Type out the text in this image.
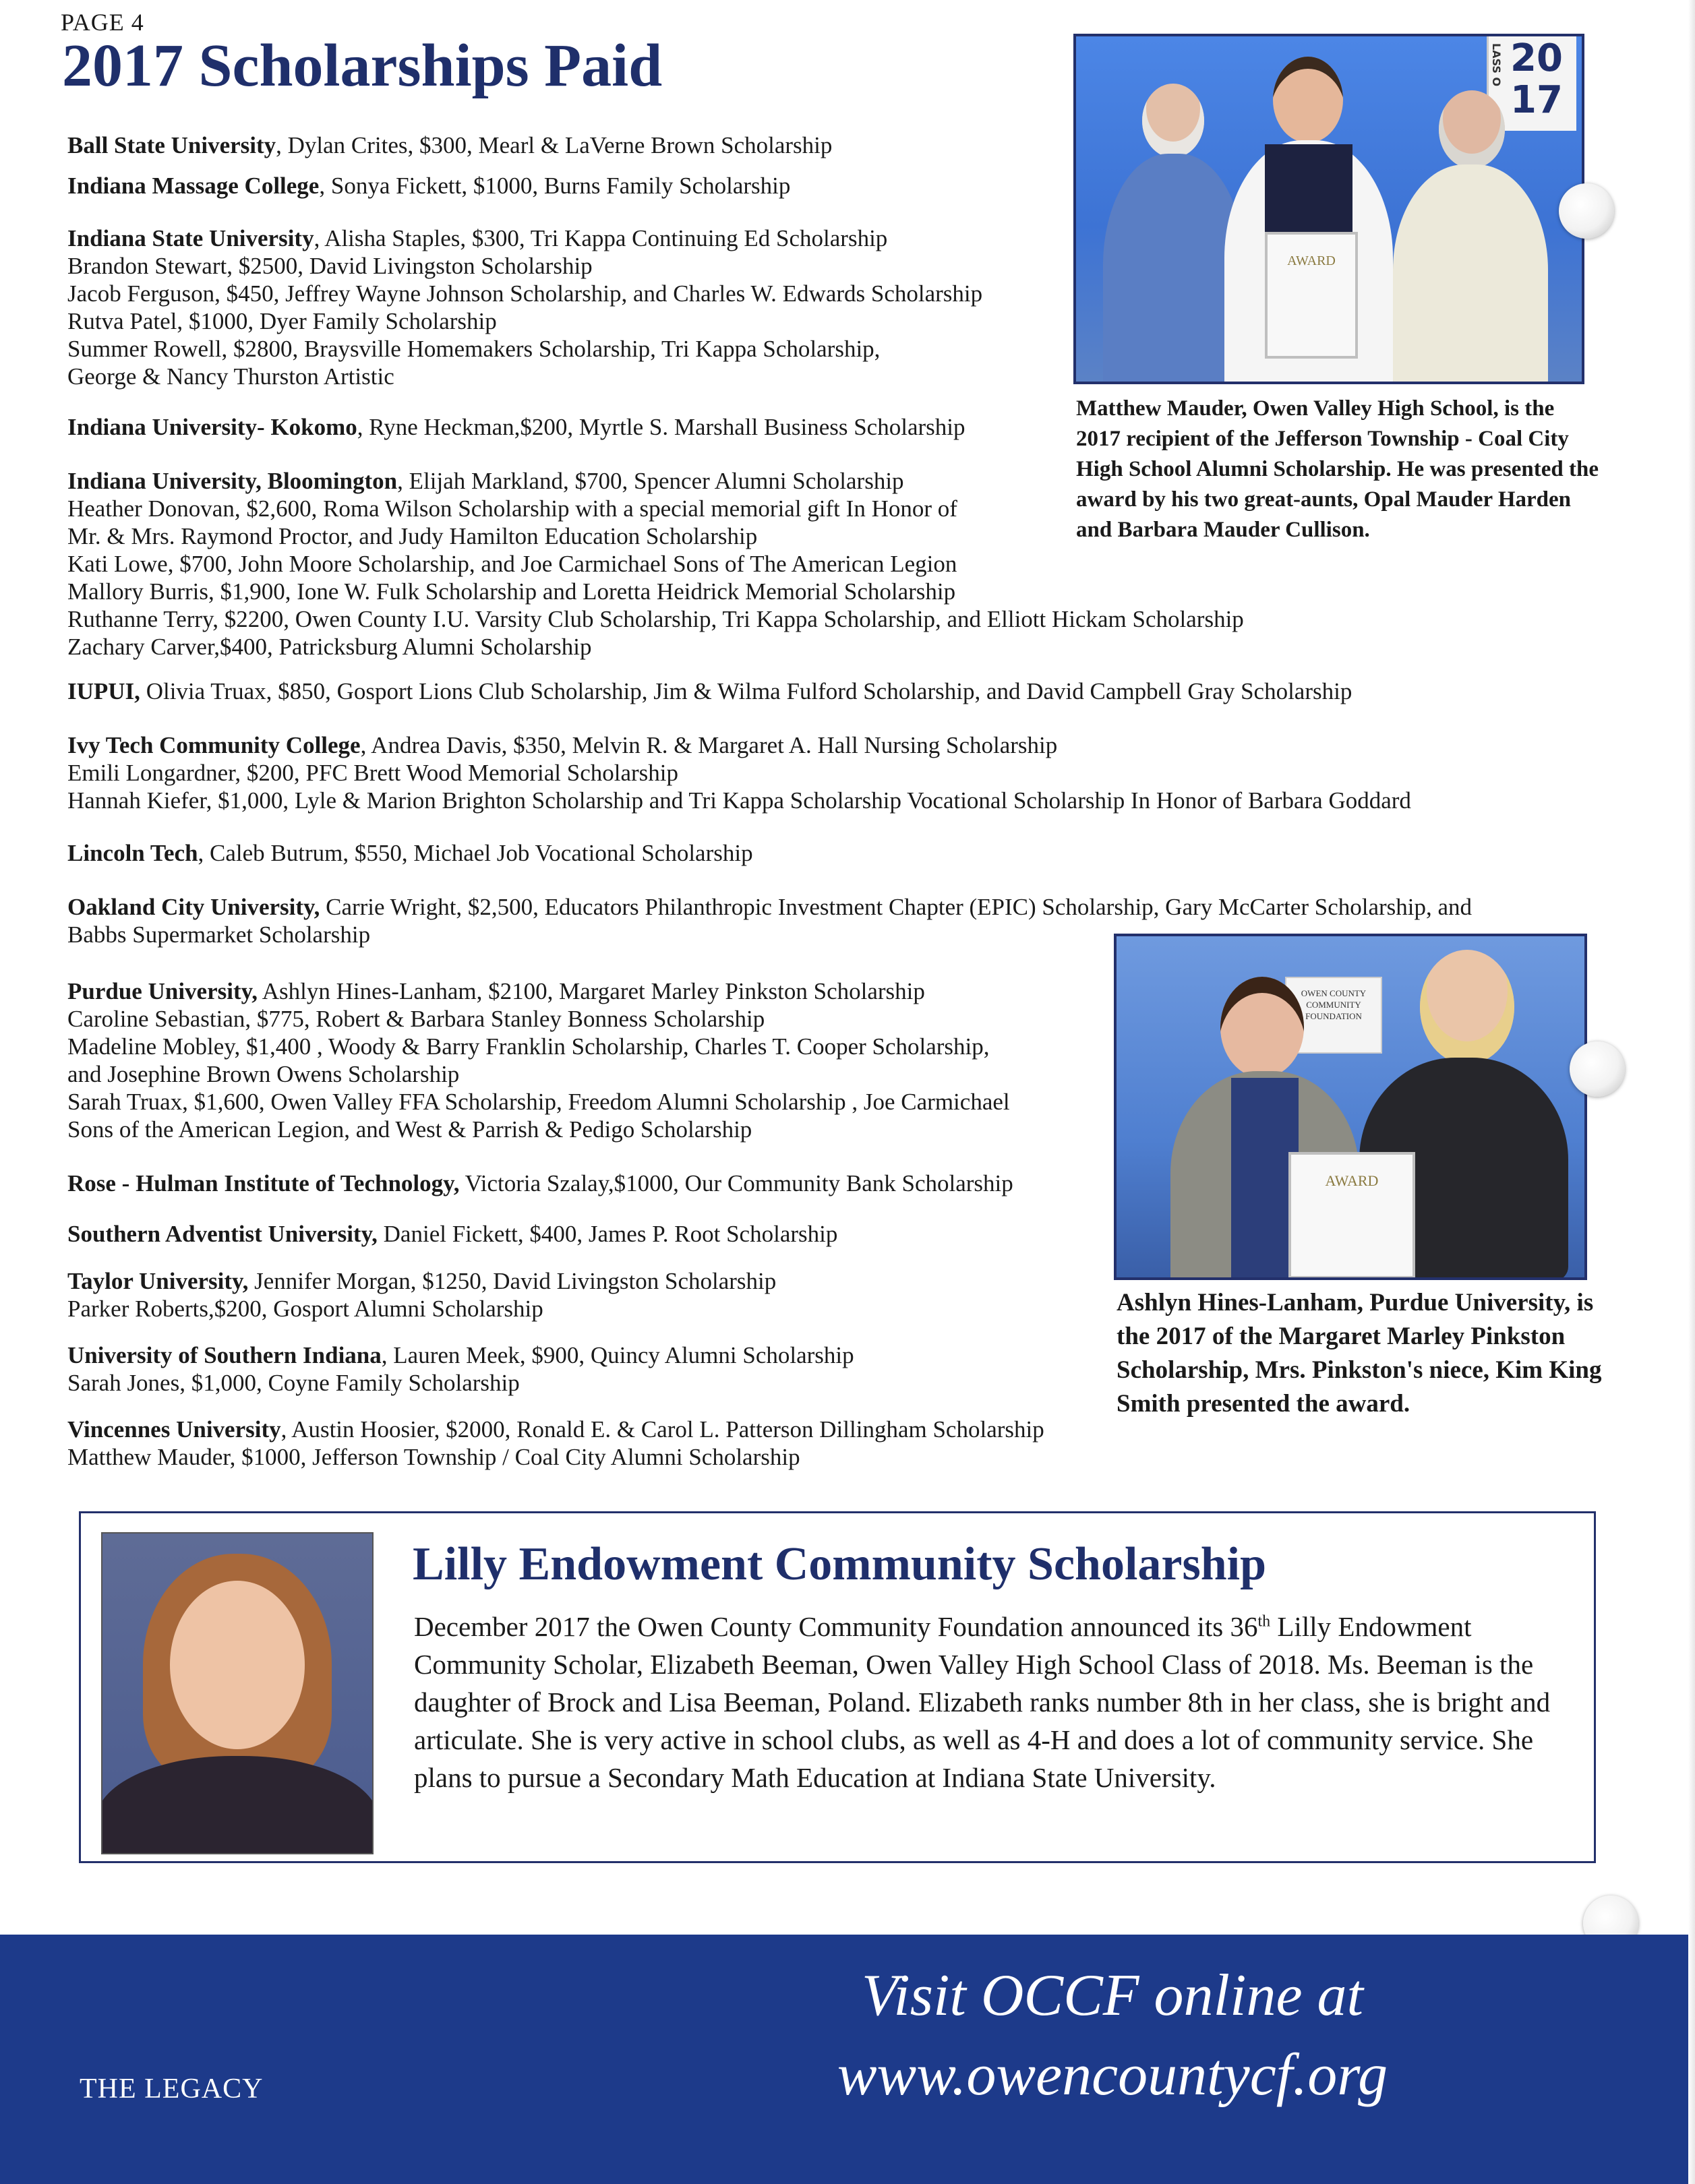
PAGE 4
2017 Scholarships Paid
Ball State University, Dylan Crites, $300, Mearl & LaVerne Brown Scholarship
Indiana Massage College, Sonya Fickett, $1000, Burns Family Scholarship
Indiana State University, Alisha Staples, $300, Tri Kappa Continuing Ed Scholarship
Brandon Stewart, $2500, David Livingston Scholarship
Jacob Ferguson, $450, Jeffrey Wayne Johnson Scholarship, and Charles W. Edwards Scholarship
Rutva Patel, $1000, Dyer Family Scholarship
Summer Rowell, $2800, Braysville Homemakers Scholarship, Tri Kappa Scholarship,
George & Nancy Thurston Artistic
Indiana University- Kokomo, Ryne Heckman,$200, Myrtle S. Marshall Business Scholarship
Indiana University, Bloomington, Elijah Markland, $700, Spencer Alumni Scholarship
Heather Donovan, $2,600, Roma Wilson Scholarship with a special memorial gift In Honor of
Mr. & Mrs. Raymond Proctor, and Judy Hamilton Education Scholarship
Kati Lowe, $700, John Moore Scholarship, and Joe Carmichael Sons of The American Legion
Mallory Burris, $1,900, Ione W. Fulk Scholarship and Loretta Heidrick Memorial Scholarship
Ruthanne Terry, $2200, Owen County I.U. Varsity Club Scholarship, Tri Kappa Scholarship, and Elliott Hickam Scholarship
Zachary Carver,$400, Patricksburg Alumni Scholarship
IUPUI, Olivia Truax, $850, Gosport Lions Club Scholarship, Jim & Wilma Fulford Scholarship, and David Campbell Gray Scholarship
Ivy Tech Community College, Andrea Davis, $350, Melvin R. & Margaret A. Hall Nursing Scholarship
Emili Longardner, $200, PFC Brett Wood Memorial Scholarship
Hannah Kiefer, $1,000, Lyle & Marion Brighton Scholarship and Tri Kappa Scholarship Vocational Scholarship In Honor of Barbara Goddard
Lincoln Tech, Caleb Butrum, $550, Michael Job Vocational Scholarship
Oakland City University, Carrie Wright, $2,500, Educators Philanthropic Investment Chapter (EPIC) Scholarship, Gary McCarter Scholarship, and
Babbs Supermarket Scholarship
Purdue University, Ashlyn Hines-Lanham, $2100, Margaret Marley Pinkston Scholarship
Caroline Sebastian, $775, Robert & Barbara Stanley Bonness Scholarship
Madeline Mobley, $1,400 , Woody & Barry Franklin Scholarship, Charles T. Cooper Scholarship,
and Josephine Brown Owens Scholarship
Sarah Truax, $1,600, Owen Valley FFA Scholarship, Freedom Alumni Scholarship , Joe Carmichael
Sons of the American Legion, and West & Parrish & Pedigo Scholarship
Rose - Hulman Institute of Technology, Victoria Szalay,$1000, Our Community Bank Scholarship
Southern Adventist University, Daniel Fickett, $400, James P. Root Scholarship
Taylor University, Jennifer Morgan, $1250, David Livingston Scholarship
Parker Roberts,$200, Gosport Alumni Scholarship
University of Southern Indiana, Lauren Meek, $900, Quincy Alumni Scholarship
Sarah Jones, $1,000, Coyne Family Scholarship
Vincennes University, Austin Hoosier, $2000, Ronald E. & Carol L. Patterson Dillingham Scholarship
Matthew Mauder, $1000, Jefferson Township / Coal City Alumni Scholarship
LASS O 20
17
AWARD
Matthew Mauder, Owen Valley High School, is the 2017 recipient of the Jefferson Township - Coal City High School Alumni Scholarship. He was presented the award by his two great-aunts, Opal Mauder Harden and Barbara Mauder Cullison.
OWEN COUNTY COMMUNITY FOUNDATION
AWARD
Ashlyn Hines-Lanham, Purdue University, is the 2017 of the Margaret Marley Pinkston Scholarship, Mrs. Pinkston's niece, Kim King Smith presented the award.
Lilly Endowment Community Scholarship
December 2017 the Owen County Community Foundation announced its 36th Lilly Endowment Community Scholar, Elizabeth Beeman, Owen Valley High School Class of 2018. Ms. Beeman is the daughter of Brock and Lisa Beeman, Poland. Elizabeth ranks number 8th in her class, she is bright and articulate. She is very active in school clubs, as well as 4-H and does a lot of community service. She plans to pursue a Secondary Math Education at Indiana State University.
Visit OCCF online at
www.owencountycf.org
THE LEGACY
